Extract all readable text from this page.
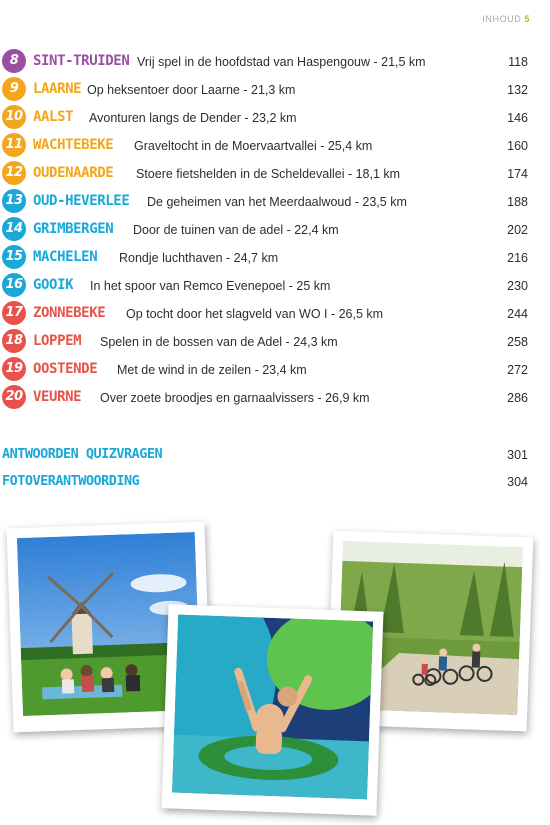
INHOUD 5
8	SINT-TRUIDEN Vrij spel in de hoofdstad van Haspengouw - 21,5 km	118
9	LAARNE Op heksentoer door Laarne - 21,3 km	132
10 AALST Avonturen langs de Dender - 23,2 km	146
11 WACHTEBEKE Graveltocht in de Moervaartvallei - 25,4 km	160
12 OUDENAARDE Stoere fietshelden in de Scheldevallei - 18,1 km	174
13 OUD-HEVERLEE De geheimen van het Meerdaalwoud - 23,5 km	188
14 GRIMBERGEN Door de tuinen van de adel - 22,4 km	202
15 MACHELEN Rondje luchthaven - 24,7 km	216
16 GOOIK In het spoor van Remco Evenepoel - 25 km	230
17 ZONNEBEKE Op tocht door het slagveld van WO I - 26,5 km	244
18 LOPPEM Spelen in de bossen van de Adel - 24,3 km	258
19 OOSTENDE Met de wind in de zeilen - 23,4 km	272
20 VEURNE Over zoete broodjes en garnaalvissers - 26,9 km	286
ANTWOORDEN QUIZVRAGEN	301
FOTOVERANTWOORDING	304
